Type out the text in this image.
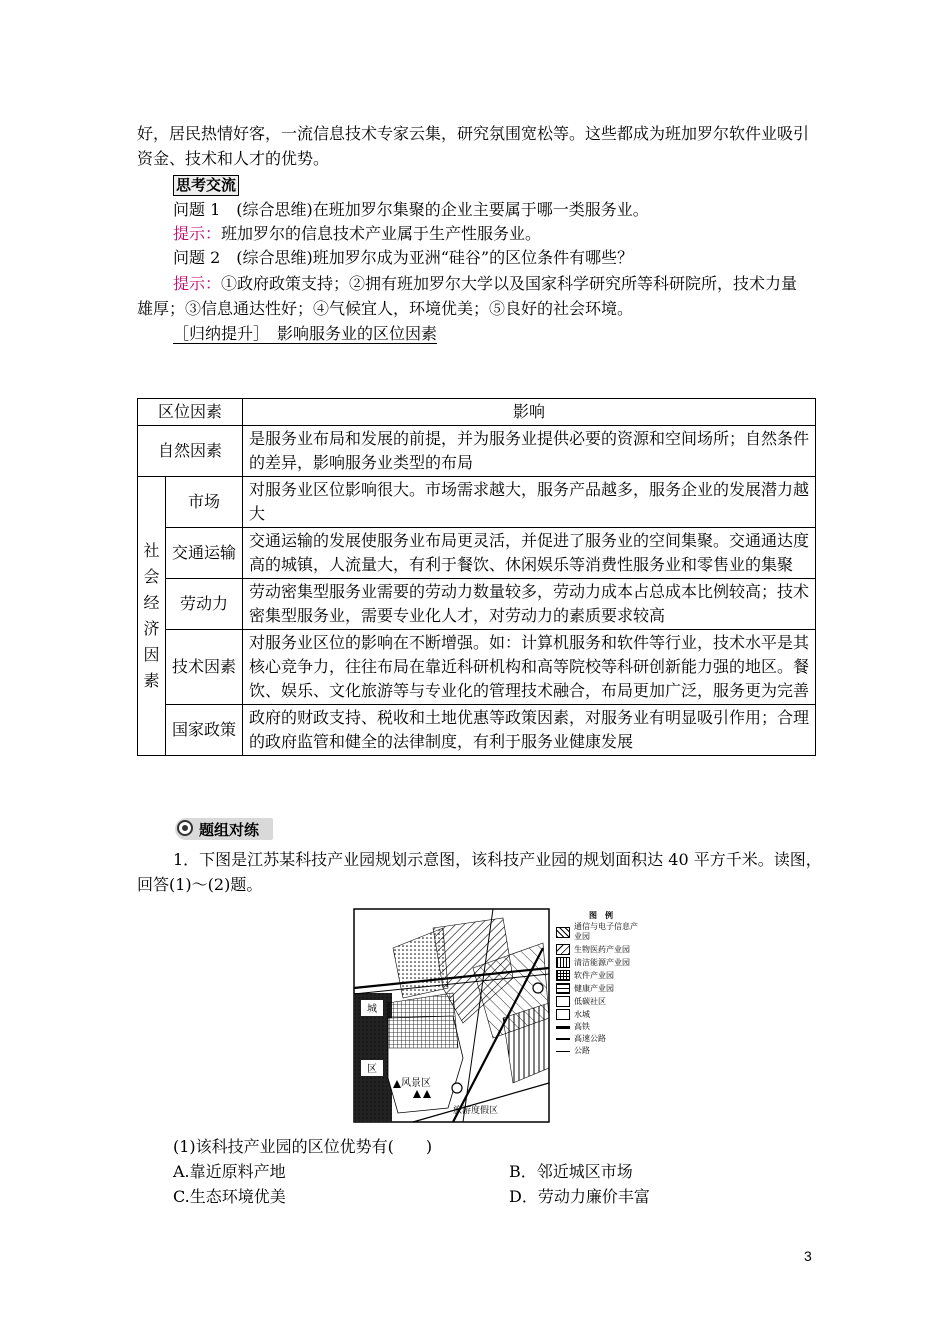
好，居民热情好客，一流信息技术专家云集，研究氛围宽松等。这些都成为班加罗尔软件业吸引
资金、技术和人才的优势。
思考交流
问题 1　(综合思维)在班加罗尔集聚的企业主要属于哪一类服务业。
提示：班加罗尔的信息技术产业属于生产性服务业。
问题 2　(综合思维)班加罗尔成为亚洲“硅谷”的区位条件有哪些？
提示：①政府政策支持；②拥有班加罗尔大学以及国家科学研究所等科研院所，技术力量
雄厚；③信息通达性好；④气候宜人，环境优美；⑤良好的社会环境。
［归纳提升］　影响服务业的区位因素
区位因素		影响
自然因素		是服务业布局和发展的前提，并为服务业提供必要的资源和空间场所；自然条件的差异，影响服务业类型的布局
社会经济因素	市场	对服务业区位影响很大。市场需求越大，服务产品越多，服务企业的发展潜力越大
	交通运输	交通运输的发展使服务业布局更灵活，并促进了服务业的空间集聚。交通通达度高的城镇，人流量大，有利于餐饮、休闲娱乐等消费性服务业和零售业的集聚
	劳动力	劳动密集型服务业需要的劳动力数量较多，劳动力成本占总成本比例较高；技术密集型服务业，需要专业化人才，对劳动力的素质要求较高
	技术因素	对服务业区位的影响在不断增强。如：计算机服务和软件等行业，技术水平是其核心竞争力，往往布局在靠近科研机构和高等院校等科研创新能力强的地区。餐饮、娱乐、文化旅游等与专业化的管理技术融合，布局更加广泛，服务更为完善
	国家政策	政府的财政支持、税收和土地优惠等政策因素，对服务业有明显吸引作用；合理的政府监管和健全的法律制度，有利于服务业健康发展
题组对练
1．下图是江苏某科技产业园规划示意图，该科技产业园的规划面积达 40 平方千米。读图，
回答(1)～(2)题。
城
区
风景区
旅游度假区
图　例
通信与电子信息产业园
生物医药产业园
清洁能源产业园
软件产业园
健康产业园
低碳社区
水城
高铁
高速公路
公路
(1)该科技产业园的区位优势有(　　)
A.靠近原料产地	B．邻近城区市场
C.生态环境优美	D．劳动力廉价丰富
3
